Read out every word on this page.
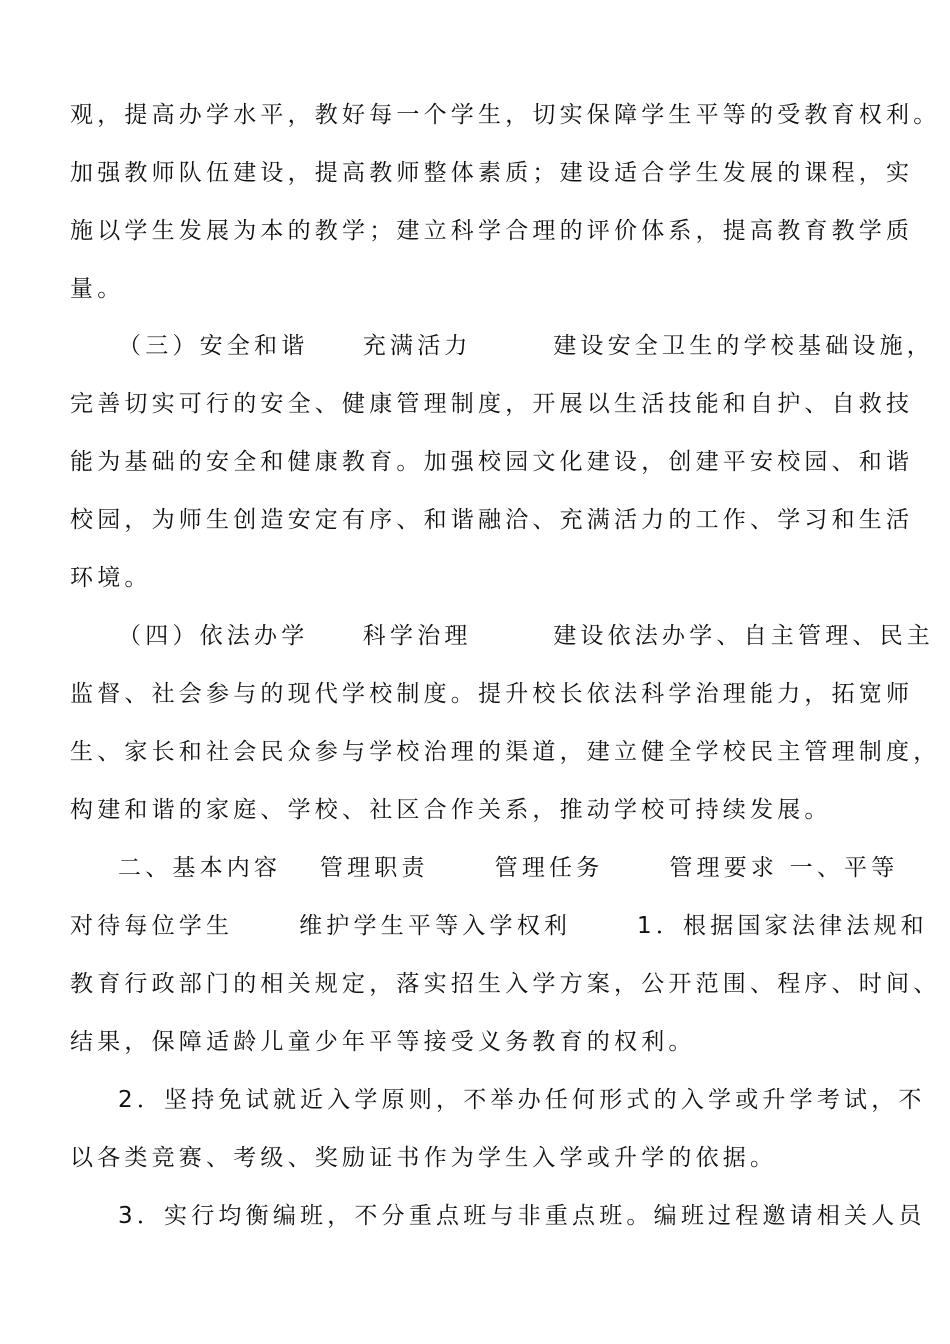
观，提高办学水平，教好每一个学生，切实保障学生平等的受教育权利。
加强教师队伍建设，提高教师整体素质；建设适合学生发展的课程，实
施以学生发展为本的教学；建立科学合理的评价体系，提高教育教学质
量。
（三）安全和谐　　充满活力　　　建设安全卫生的学校基础设施，
完善切实可行的安全、健康管理制度，开展以生活技能和自护、自救技
能为基础的安全和健康教育。加强校园文化建设，创建平安校园、和谐
校园，为师生创造安定有序、和谐融洽、充满活力的工作、学习和生活
环境。
（四）依法办学　　科学治理　　　建设依法办学、自主管理、民主
监督、社会参与的现代学校制度。提升校长依法科学治理能力，拓宽师
生、家长和社会民众参与学校治理的渠道，建立健全学校民主管理制度，
构建和谐的家庭、学校、社区合作关系，推动学校可持续发展。
二、基本内容　 管理职责　　 管理任务　　 管理要求 一、平等
对待每位学生　　 维护学生平等入学权利　　 1．根据国家法律法规和
教育行政部门的相关规定，落实招生入学方案，公开范围、程序、时间、
结果，保障适龄儿童少年平等接受义务教育的权利。
2．坚持免试就近入学原则，不举办任何形式的入学或升学考试，不
以各类竞赛、考级、奖励证书作为学生入学或升学的依据。
3．实行均衡编班，不分重点班与非重点班。编班过程邀请相关人员
